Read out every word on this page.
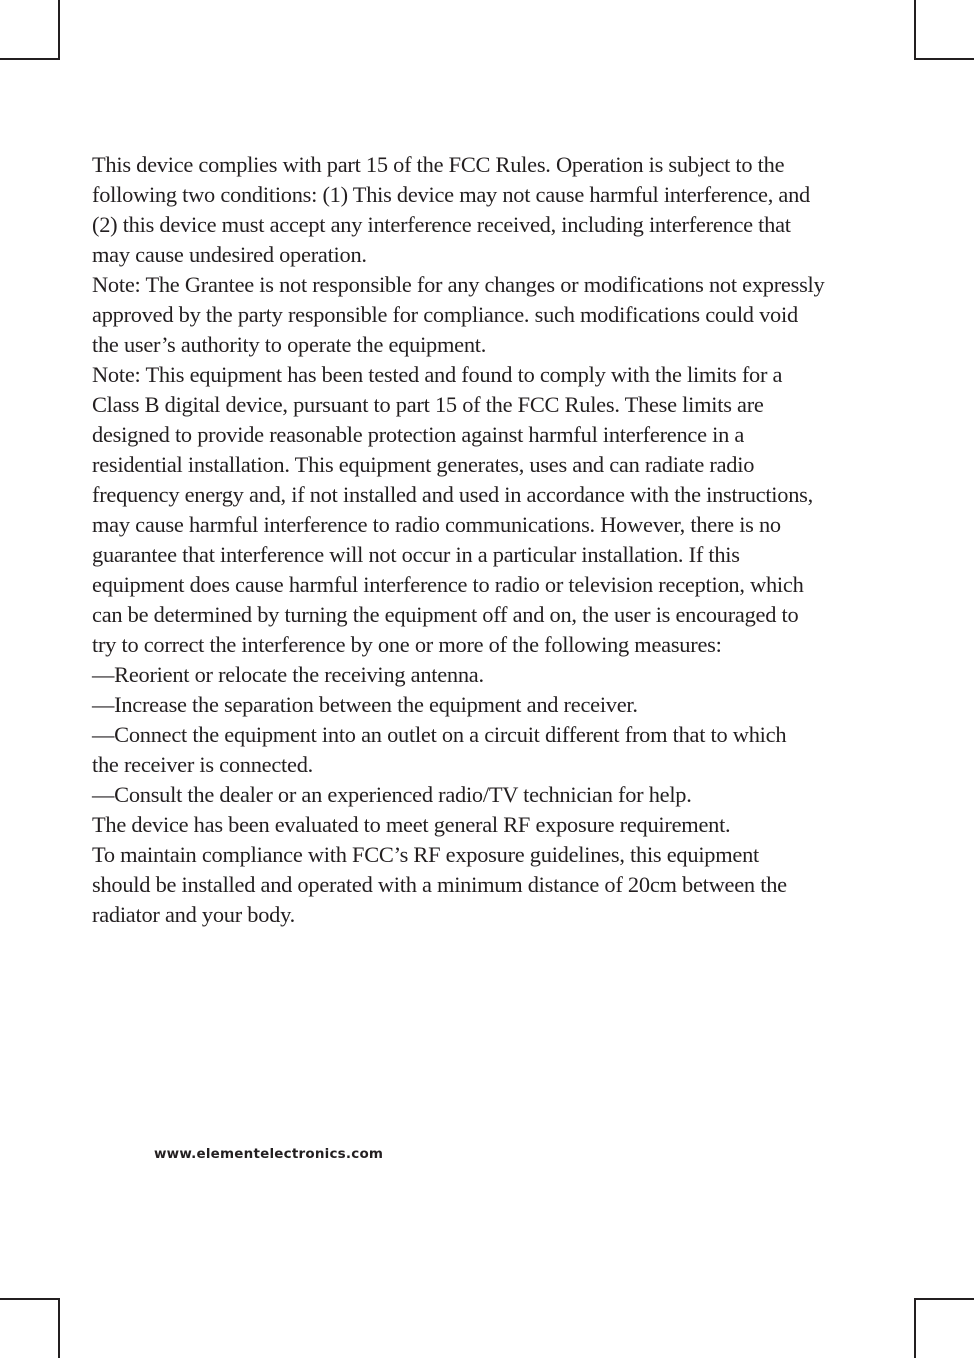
This device complies with part 15 of the FCC Rules. Operation is subject to the
following two conditions: (1) This device may not cause harmful interference, and
(2) this device must accept any interference received, including interference that
may cause undesired operation.
Note: The Grantee is not responsible for any changes or modifications not expressly
approved by the party responsible for compliance. such modifications could void
the user’s authority to operate the equipment.
Note: This equipment has been tested and found to comply with the limits for a
Class B digital device, pursuant to part 15 of the FCC Rules. These limits are
designed to provide reasonable protection against harmful interference in a
residential installation. This equipment generates, uses and can radiate radio
frequency energy and, if not installed and used in accordance with the instructions,
may cause harmful interference to radio communications. However, there is no
guarantee that interference will not occur in a particular installation. If this
equipment does cause harmful interference to radio or television reception, which
can be determined by turning the equipment off and on, the user is encouraged to
try to correct the interference by one or more of the following measures:
—Reorient or relocate the receiving antenna.
—Increase the separation between the equipment and receiver.
—Connect the equipment into an outlet on a circuit different from that to which
the receiver is connected.
—Consult the dealer or an experienced radio/TV technician for help.
The device has been evaluated to meet general RF exposure requirement.
To maintain compliance with FCC’s RF exposure guidelines, this equipment
should be installed and operated with a minimum distance of 20cm between the
radiator and your body.
www.elementelectronics.com
